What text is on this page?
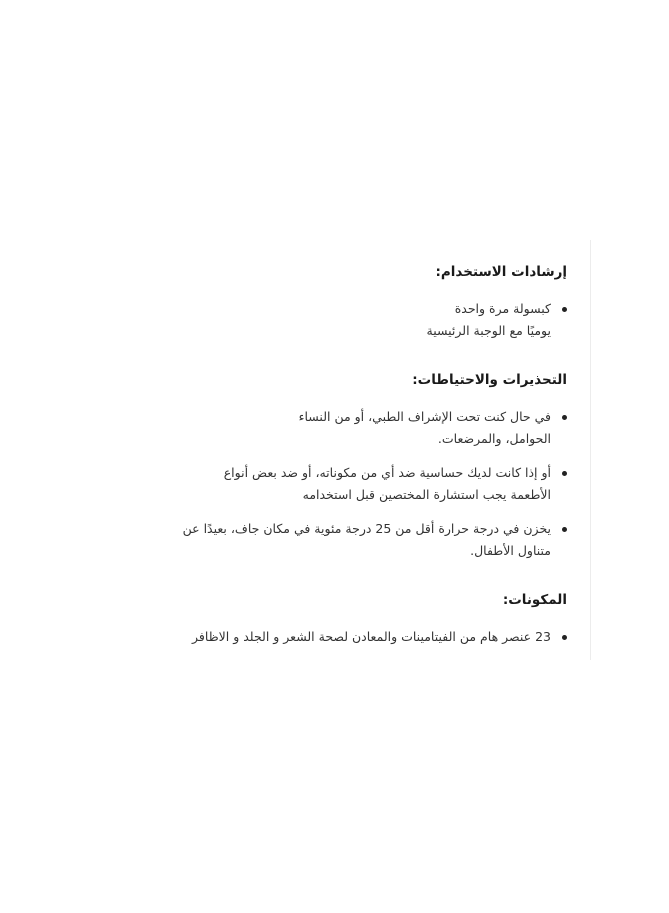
إرشادات الاستخدام:
كبسولة مرة واحدة
يوميًا مع الوجبة الرئيسية
التحذيرات والاحتياطات:
في حال كنت تحت الإشراف الطبي، أو من النساء
الحوامل، والمرضعات.
أو إذا كانت لديك حساسية ضد أي من مكوناته، أو ضد بعض أنواع
الأطعمة يجب استشارة المختصين قبل استخدامه
يخزن في درجة حرارة أقل من 25 درجة مئوية في مكان جاف، بعيدًا عن
متناول الأطفال.
المكونات:
23 عنصر هام من الفيتامينات والمعادن لصحة الشعر و الجلد و الاظافر
